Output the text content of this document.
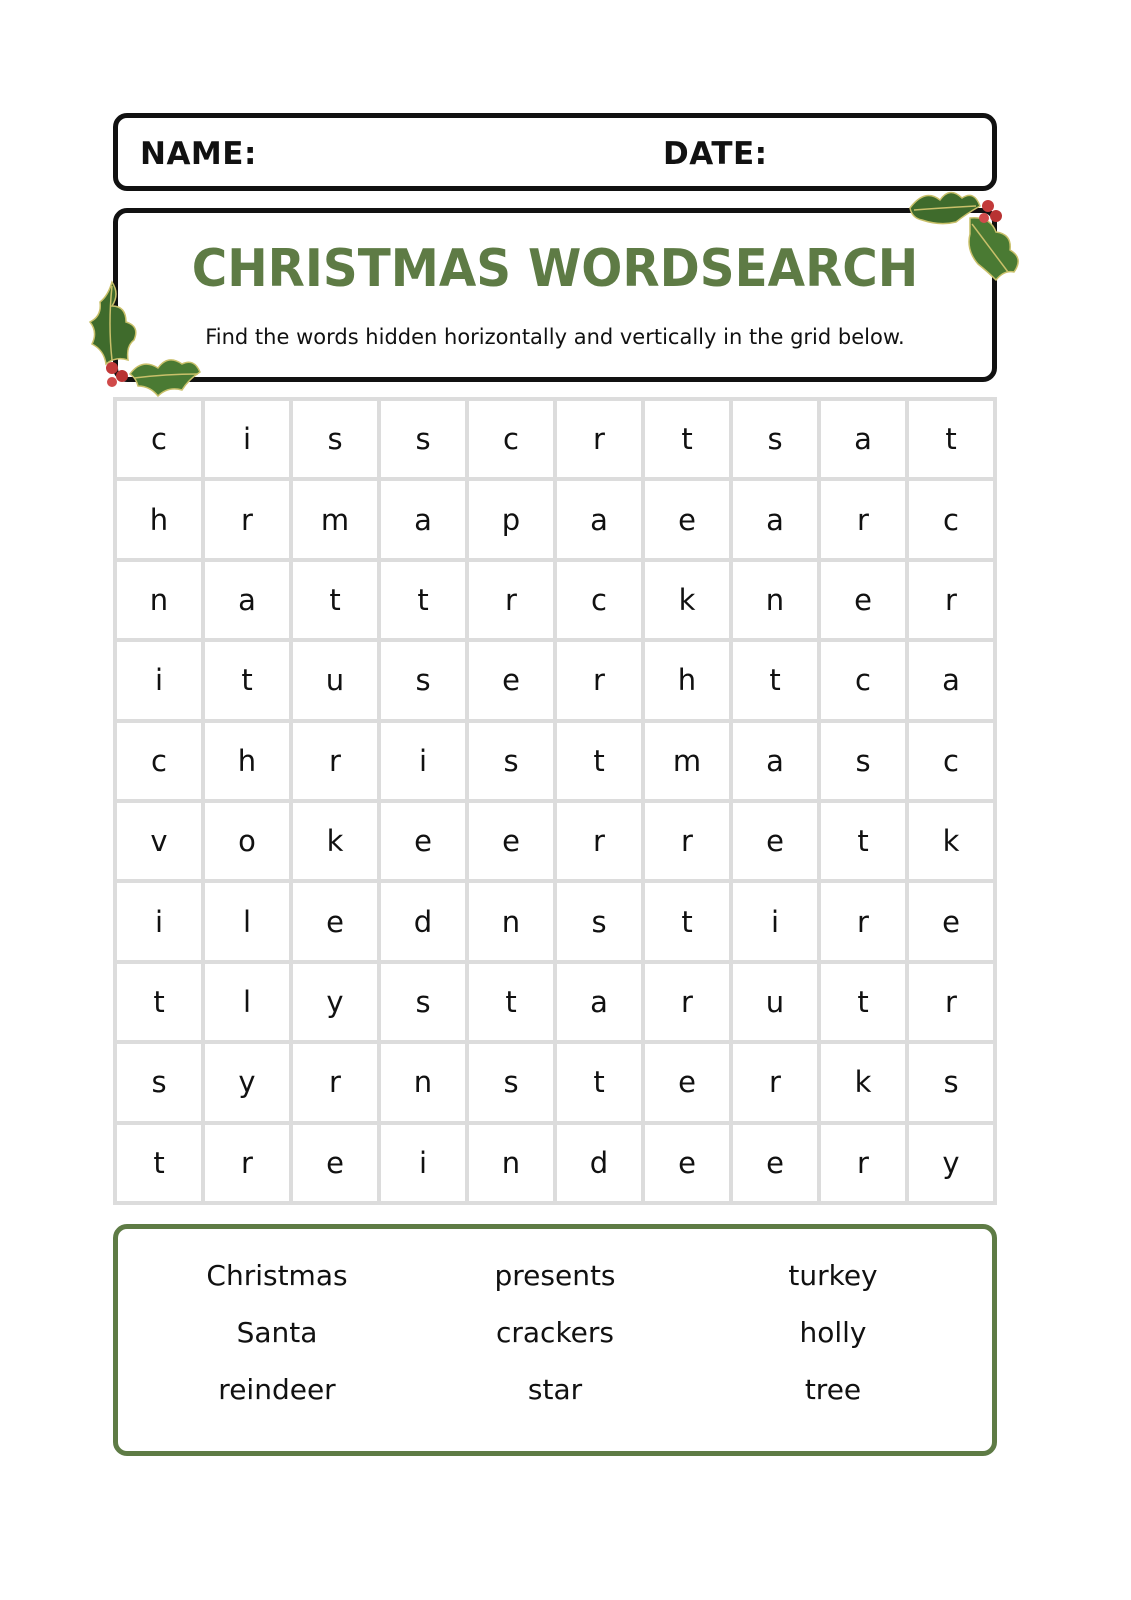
NAME:	DATE:
CHRISTMAS WORDSEARCH
Find the words hidden horizontally and vertically in the grid below.
c	i	s	s	c	r	t	s	a	t
h	r	m	a	p	a	e	a	r	c
n	a	t	t	r	c	k	n	e	r
i	t	u	s	e	r	h	t	c	a
c	h	r	i	s	t	m	a	s	c
v	o	k	e	e	r	r	e	t	k
i	l	e	d	n	s	t	i	r	e
t	l	y	s	t	a	r	u	t	r
s	y	r	n	s	t	e	r	k	s
t	r	e	i	n	d	e	e	r	y
Christmas	presents	turkey
Santa	crackers	holly
reindeer	star	tree
